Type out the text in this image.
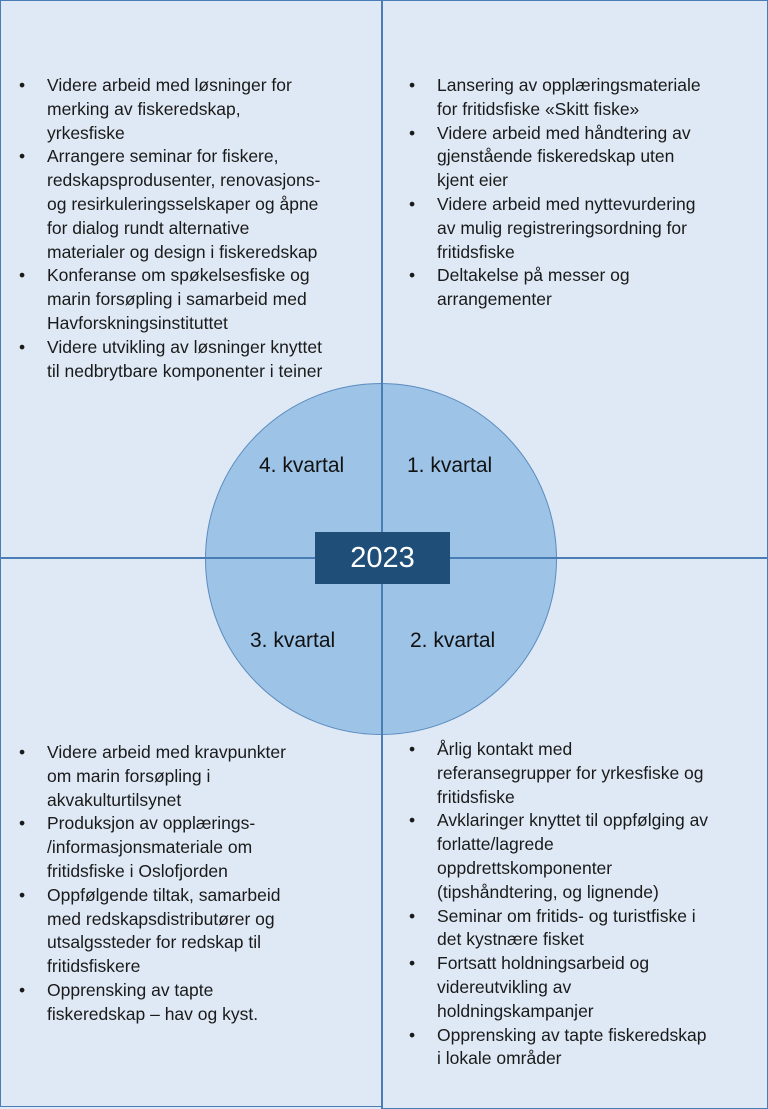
• Videre arbeid med løsninger for
merking av fiskeredskap,
yrkesfiske
• Arrangere seminar for fiskere,
redskapsprodusenter, renovasjons-
og resirkuleringsselskaper og åpne
for dialog rundt alternative
materialer og design i fiskeredskap
• Konferanse om spøkelsesfiske og
marin forsøpling i samarbeid med
Havforskningsinstituttet
• Videre utvikling av løsninger knyttet
til nedbrytbare komponenter i teiner
• Lansering av opplæringsmateriale
for fritidsfiske «Skitt fiske»
• Videre arbeid med håndtering av
gjenstående fiskeredskap uten
kjent eier
• Videre arbeid med nyttevurdering
av mulig registreringsordning for
fritidsfiske
• Deltakelse på messer og
arrangementer
• Videre arbeid med kravpunkter
om marin forsøpling i
akvakulturtilsynet
• Produksjon av opplærings-
/informasjonsmateriale om
fritidsfiske i Oslofjorden
• Oppfølgende tiltak, samarbeid
med redskapsdistributører og
utsalgssteder for redskap til
fritidsfiskere
• Opprensking av tapte
fiskeredskap – hav og kyst.
• Årlig kontakt med
referansegrupper for yrkesfiske og
fritidsfiske
• Avklaringer knyttet til oppfølging av
forlatte/lagrede
oppdrettskomponenter
(tipshåndtering, og lignende)
• Seminar om fritids- og turistfiske i
det kystnære fisket
• Fortsatt holdningsarbeid og
videreutvikling av
holdningskampanjer
• Opprensking av tapte fiskeredskap
i lokale områder
4. kvartal	1. kvartal
3. kvartal	2. kvartal
2023
